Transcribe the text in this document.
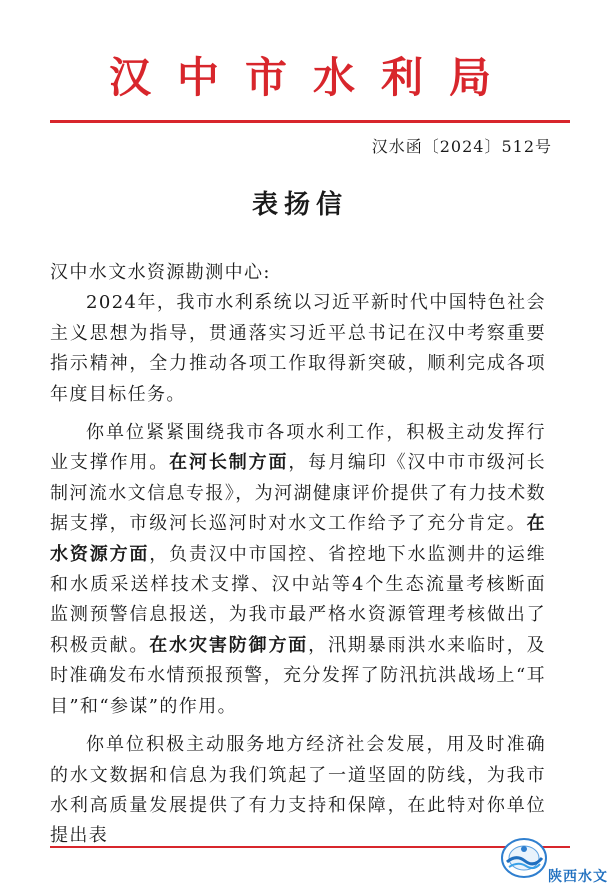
汉中市水利局
汉水函〔2024〕512号
表扬信

汉中水文水资源勘测中心:

2024年，我市水利系统以习近平新时代中国特色社会主义思想为指导，贯通落实习近平总书记在汉中考察重要指示精神，全力推动各项工作取得新突破，顺利完成各项年度目标任务。

你单位紧紧围绕我市各项水利工作，积极主动发挥行业支撑作用。在河长制方面，每月编印《汉中市市级河长制河流水文信息专报》，为河湖健康评价提供了有力技术数据支撑，市级河长巡河时对水文工作给予了充分肯定。在水资源方面，负责汉中市国控、省控地下水监测井的运维和水质采送样技术支撑、汉中站等4个生态流量考核断面监测预警信息报送，为我市最严格水资源管理考核做出了积极贡献。在水灾害防御方面，汛期暴雨洪水来临时，及时准确发布水情预报预警，充分发挥了防汛抗洪战场上“耳目”和“参谋”的作用。

你单位积极主动服务地方经济社会发展，用及时准确的水文数据和信息为我们筑起了一道坚固的防线，为我市水利高质量发展提供了有力支持和保障，在此特对你单位提出表

陕西水文
